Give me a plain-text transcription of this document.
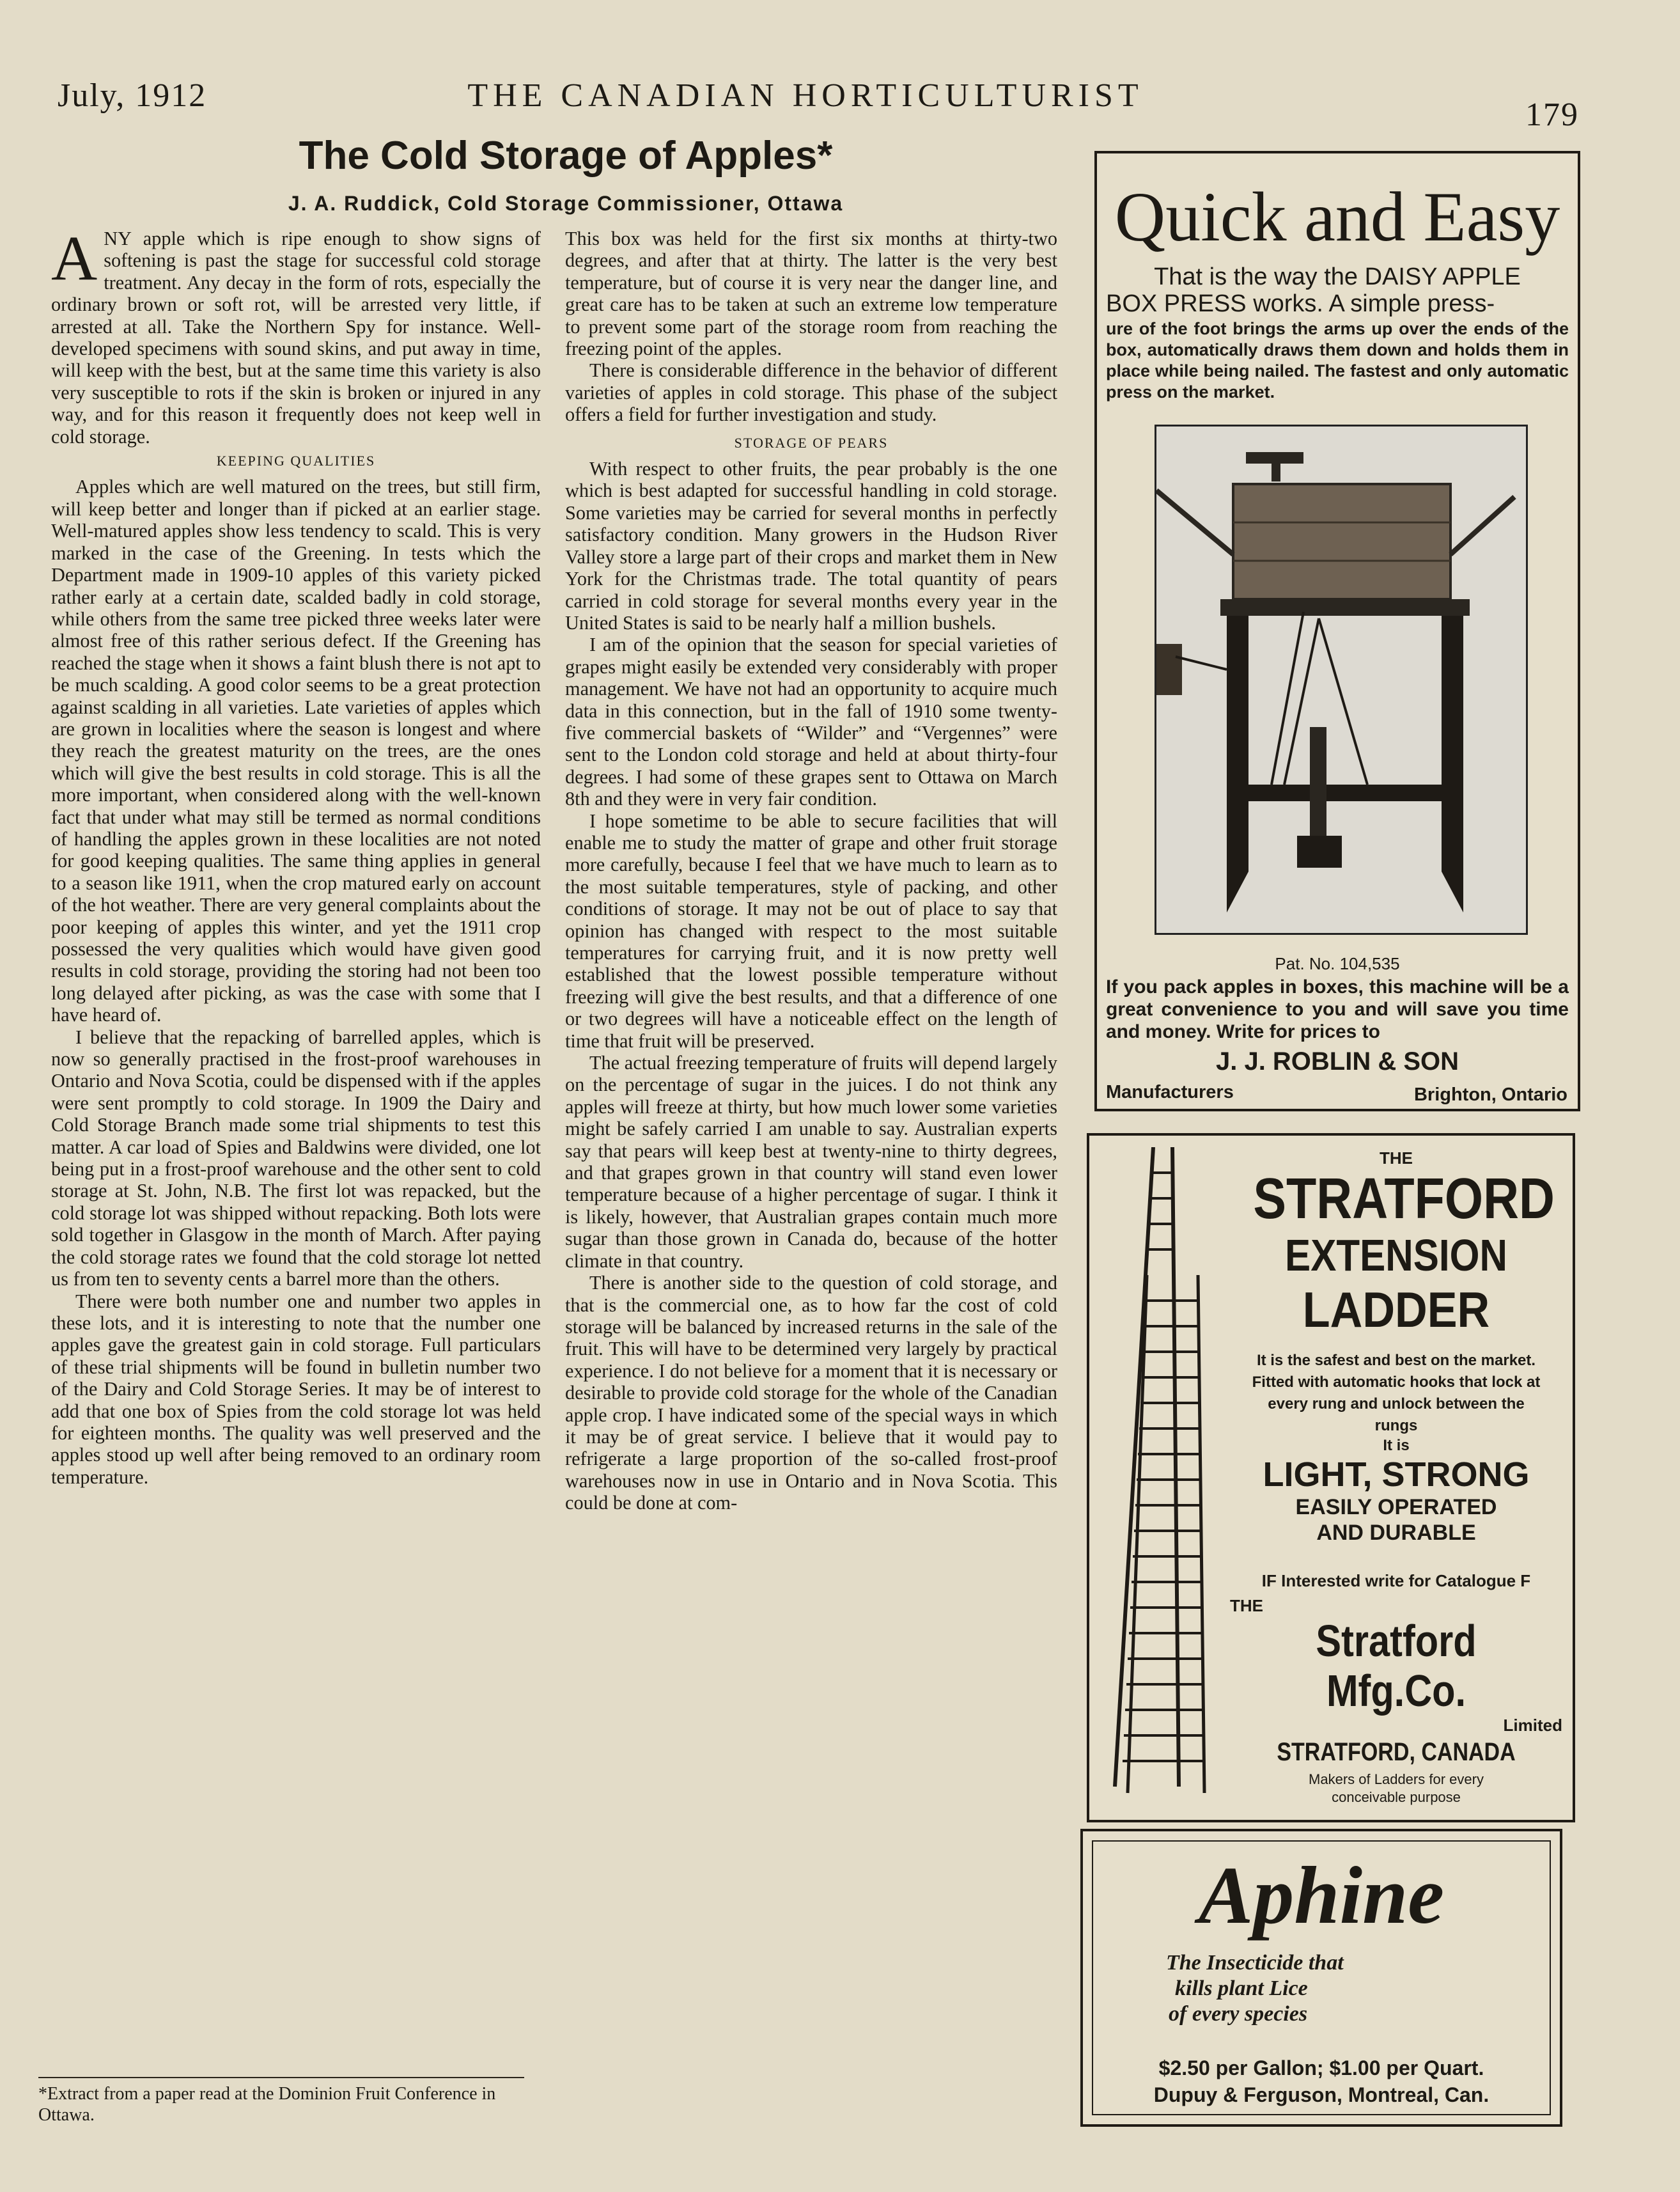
July, 1912	THE CANADIAN HORTICULTURIST
179
The Cold Storage of Apples*
J. A. Ruddick, Cold Storage Commissioner, Ottawa

ANY apple which is ripe enough to show signs of softening is past the stage for successful cold storage treatment. Any decay in the form of rots, especially the ordinary brown or soft rot, will be arrested very little, if arrested at all. Take the Northern Spy for instance. Well-developed specimens with sound skins, and put away in time, will keep with the best, but at the same time this variety is also very susceptible to rots if the skin is broken or injured in any way, and for this reason it frequently does not keep well in cold storage.

KEEPING QUALITIES

Apples which are well matured on the trees, but still firm, will keep better and longer than if picked at an earlier stage. Well-matured apples show less tendency to scald. This is very marked in the case of the Greening. In tests which the Department made in 1909-10 apples of this variety picked rather early at a certain date, scalded badly in cold storage, while others from the same tree picked three weeks later were almost free of this rather serious defect. If the Greening has reached the stage when it shows a faint blush there is not apt to be much scalding. A good color seems to be a great protection against scalding in all varieties. Late varieties of apples which are grown in localities where the season is longest and where they reach the greatest maturity on the trees, are the ones which will give the best results in cold storage. This is all the more important, when considered along with the well-known fact that under what may still be termed as normal conditions of handling the apples grown in these localities are not noted for good keeping qualities. The same thing applies in general to a season like 1911, when the crop matured early on account of the hot weather. There are very general complaints about the poor keeping of apples this winter, and yet the 1911 crop possessed the very qualities which would have given good results in cold storage, providing the storing had not been too long delayed after picking, as was the case with some that I have heard of.

I believe that the repacking of barrelled apples, which is now so generally practised in the frost-proof warehouses in Ontario and Nova Scotia, could be dispensed with if the apples were sent promptly to cold storage. In 1909 the Dairy and Cold Storage Branch made some trial shipments to test this matter. A car load of Spies and Baldwins were divided, one lot being put in a frost-proof warehouse and the other sent to cold storage at St. John, N.B. The first lot was repacked, but the cold storage lot was shipped without repacking. Both lots were sold together in Glasgow in the month of March. After paying the cold storage rates we found that the cold storage lot netted us from ten to seventy cents a barrel more than the others.

There were both number one and number two apples in these lots, and it is interesting to note that the number one apples gave the greatest gain in cold storage. Full particulars of these trial shipments will be found in bulletin number two of the Dairy and Cold Storage Series. It may be of interest to add that one box of Spies from the cold storage lot was held for eighteen months. The quality was well preserved and the apples stood up well after being removed to an ordinary room temperature.

*Extract from a paper read at the Dominion Fruit Conference in Ottawa.

This box was held for the first six months at thirty-two degrees, and after that at thirty. The latter is the very best temperature, but of course it is very near the danger line, and great care has to be taken at such an extreme low temperature to prevent some part of the storage room from reaching the freezing point of the apples.

There is considerable difference in the behavior of different varieties of apples in cold storage. This phase of the subject offers a field for further investigation and study.

STORAGE OF PEARS

With respect to other fruits, the pear probably is the one which is best adapted for successful handling in cold storage. Some varieties may be carried for several months in perfectly satisfactory condition. Many growers in the Hudson River Valley store a large part of their crops and market them in New York for the Christmas trade. The total quantity of pears carried in cold storage for several months every year in the United States is said to be nearly half a million bushels.

I am of the opinion that the season for special varieties of grapes might easily be extended very considerably with proper management. We have not had an opportunity to acquire much data in this connection, but in the fall of 1910 some twenty-five commercial baskets of “Wilder” and “Vergennes” were sent to the London cold storage and held at about thirty-four degrees. I had some of these grapes sent to Ottawa on March 8th and they were in very fair condition.

I hope sometime to be able to secure facilities that will enable me to study the matter of grape and other fruit storage more carefully, because I feel that we have much to learn as to the most suitable temperatures, style of packing, and other conditions of storage. It may not be out of place to say that opinion has changed with respect to the most suitable temperatures for carrying fruit, and it is now pretty well established that the lowest possible temperature without freezing will give the best results, and that a difference of one or two degrees will have a noticeable effect on the length of time that fruit will be preserved.

The actual freezing temperature of fruits will depend largely on the percentage of sugar in the juices. I do not think any apples will freeze at thirty, but how much lower some varieties might be safely carried I am unable to say. Australian experts say that pears will keep best at twenty-nine to thirty degrees, and that grapes grown in that country will stand even lower temperature because of a higher percentage of sugar. I think it is likely, however, that Australian grapes contain much more sugar than those grown in Canada do, because of the hotter climate in that country.

There is another side to the question of cold storage, and that is the commercial one, as to how far the cost of cold storage will be balanced by increased returns in the sale of the fruit. This will have to be determined very largely by practical experience. I do not believe for a moment that it is necessary or desirable to provide cold storage for the whole of the Canadian apple crop. I have indicated some of the special ways in which it may be of great service. I believe that it would pay to refrigerate a large proportion of the so-called frost-proof warehouses now in use in Ontario and in Nova Scotia. This could be done at com-

Quick and Easy
That is the way the DAISY APPLE
BOX PRESS works. A simple press-
ure of the foot brings the arms up over the ends of the box, automatically draws them down and holds them in place while being nailed. The fastest and only automatic press on the market.
Pat. No. 104,535
If you pack apples in boxes, this machine will be a great convenience to you and will save you time and money. Write for prices to
J. J. ROBLIN & SON
Manufacturers	Brighton, Ontario
THE
STRATFORD
EXTENSION
LADDER
It is the safest and best on the market. Fitted with automatic hooks that lock at every rung and unlock between the rungs
It is
LIGHT, STRONG
EASILY OPERATED
AND DURABLE
IF Interested write for Catalogue F
THE
Stratford Mfg.Co.
Limited
STRATFORD, CANADA
Makers of Ladders for every conceivable purpose
Aphine
The Insecticide that
kills plant Lice
of every species
$2.50 per Gallon; $1.00 per Quart.
Dupuy & Ferguson, Montreal, Can.
